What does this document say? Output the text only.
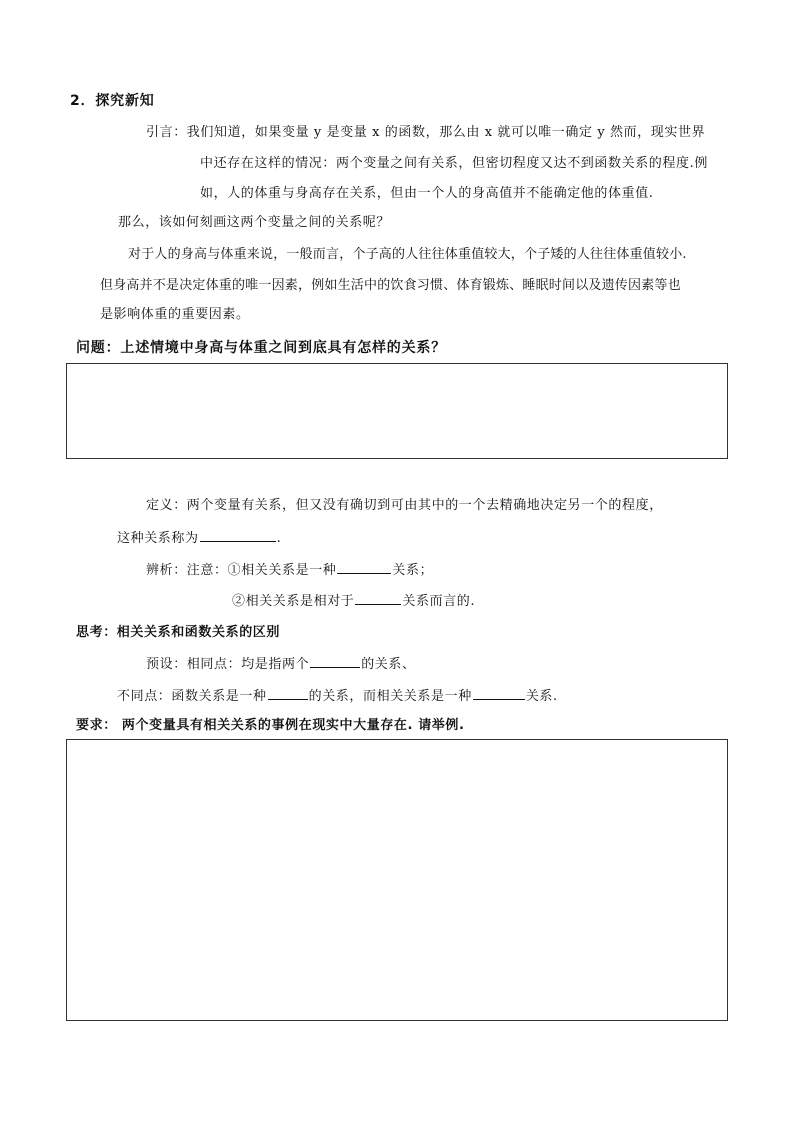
2．探究新知
引言：我们知道，如果变量 y 是变量 x 的函数，那么由 x 就可以唯一确定 y 然而，现实世界
中还存在这样的情况：两个变量之间有关系，但密切程度又达不到函数关系的程度.例
如，人的体重与身高存在关系，但由一个人的身高值并不能确定他的体重值.
那么，该如何刻画这两个变量之间的关系呢？
对于人的身高与体重来说，一般而言，个子高的人往往体重值较大，个子矮的人往往体重值较小.
但身高并不是决定体重的唯一因素，例如生活中的饮食习惯、体育锻炼、睡眠时间以及遗传因素等也
是影响体重的重要因素。
问题：上述情境中身高与体重之间到底具有怎样的关系？
定义：两个变量有关系，但又没有确切到可由其中的一个去精确地决定另一个的程度，
这种关系称为	.
辨析：注意：①相关关系是一种	关系；
②相关关系是相对于	关系而言的.
思考：相关关系和函数关系的区别
预设：相同点：均是指两个	的关系、
不同点：函数关系是一种	的关系，而相关关系是一种	关系.
要求： 两个变量具有相关关系的事例在现实中大量存在. 请举例.
